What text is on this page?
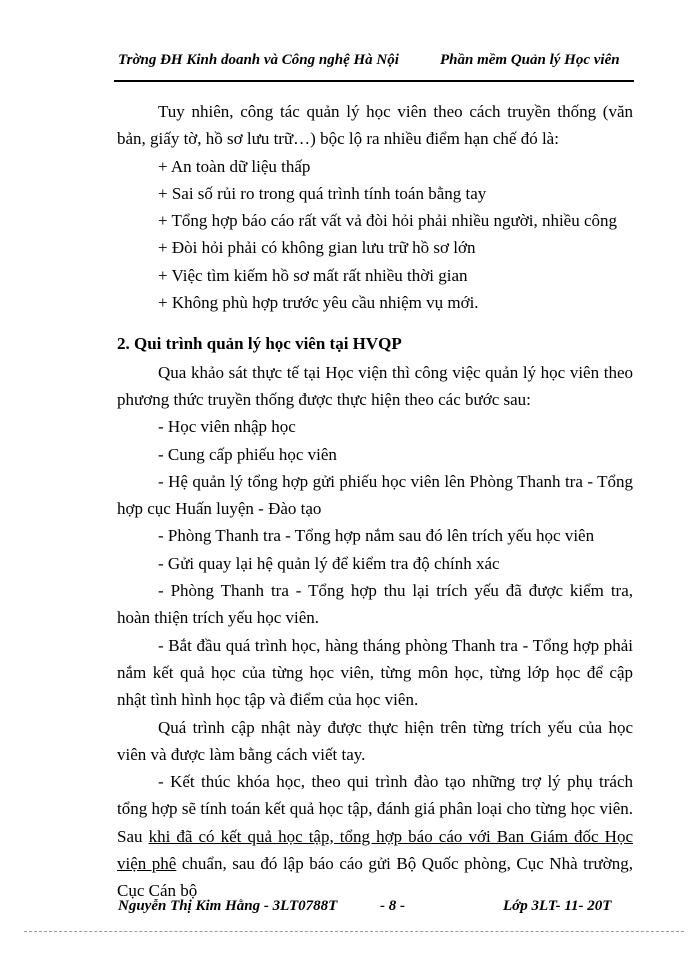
Trờng ĐH Kinh doanh và Công nghệ Hà Nội	Phần mềm Quản lý Học viên

Tuy nhiên, công tác quản lý học viên theo cách truyền thống (văn bản, giấy tờ, hồ sơ lưu trữ…) bộc lộ ra nhiều điểm hạn chế đó là:

+ An toàn dữ liệu thấp

+ Sai số rủi ro trong quá trình tính toán bằng tay

+ Tổng hợp báo cáo rất vất vả đòi hỏi phải nhiều người, nhiều công

+ Đòi hỏi phải có không gian lưu trữ hồ sơ lớn

+ Việc tìm kiếm hồ sơ mất rất nhiều thời gian

+ Không phù hợp trước yêu cầu nhiệm vụ mới.

2. Qui trình quản lý học viên tại HVQP

Qua khảo sát thực tế tại Học viện thì công việc quản lý học viên theo phương thức truyền thống được thực hiện theo các bước sau:

- Học viên nhập học

- Cung cấp phiếu học viên

- Hệ quản lý tổng hợp gửi phiếu học viên lên Phòng Thanh tra - Tổng hợp cục Huấn luyện - Đào tạo

- Phòng Thanh tra - Tổng hợp nắm sau đó lên trích yếu học viên

- Gửi quay lại hệ quản lý để kiểm tra độ chính xác

- Phòng Thanh tra - Tổng hợp thu lại trích yếu đã được kiểm tra, hoàn thiện trích yếu học viên.

- Bắt đầu quá trình học, hàng tháng phòng Thanh tra - Tổng hợp phải nắm kết quả học của từng học viên, từng môn học, từng lớp học để cập nhật tình hình học tập và điểm của học viên.

Quá trình cập nhật này được thực hiện trên từng trích yếu của học viên và được làm bằng cách viết tay.

- Kết thúc khóa học, theo qui trình đào tạo những trợ lý phụ trách tổng hợp sẽ tính toán kết quả học tập, đánh giá phân loại cho từng học viên. Sau khi đã có kết quả học tập, tổng hợp báo cáo với Ban Giám đốc Học viện phê chuẩn, sau đó lập báo cáo gửi Bộ Quốc phòng, Cục Nhà trường, Cục Cán bộ

Nguyễn Thị Kim Hằng - 3LT0788T	- 8 -	Lớp 3LT- 11- 20T
